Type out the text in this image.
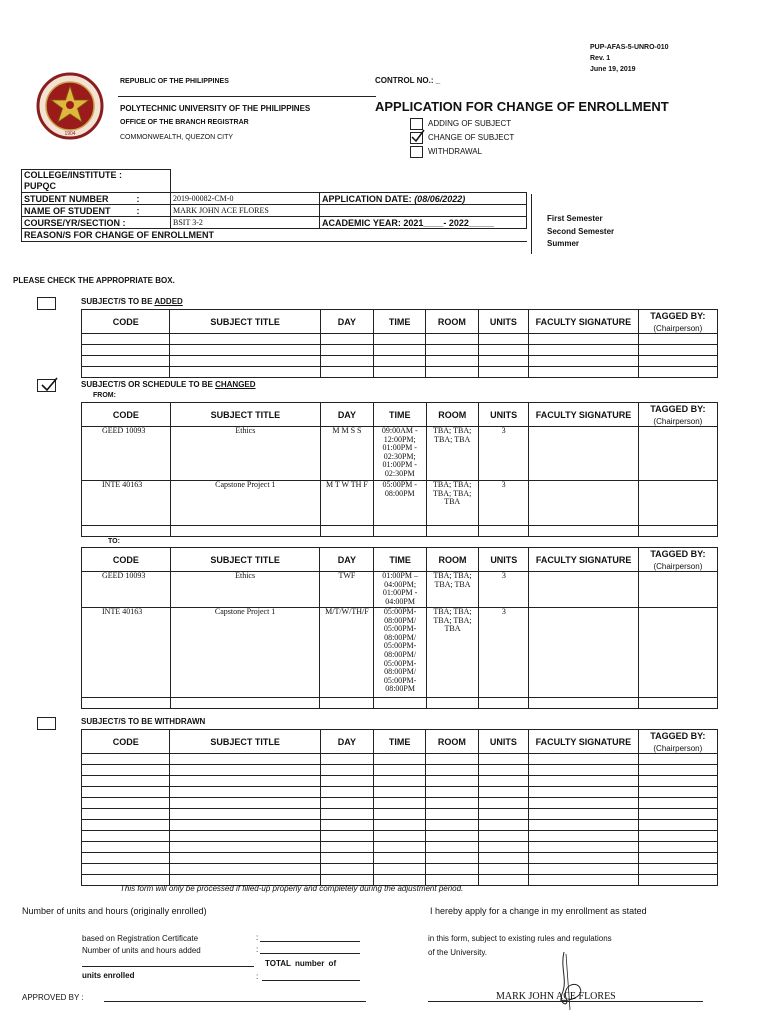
PUP-AFAS-5-UNRO-010
Rev. 1
June 19, 2019
1904
REPUBLIC OF THE PHILIPPINES	CONTROL NO.: _
POLYTECHNIC UNIVERSITY OF THE PHILIPPINES
OFFICE OF THE BRANCH REGISTRAR
COMMONWEALTH, QUEZON CITY
APPLICATION FOR CHANGE OF ENROLLMENT
ADDING OF SUBJECT
CHANGE OF SUBJECT
WITHDRAWAL
COLLEGE/INSTITUTE :
PUPQC		

STUDENT NUMBER :	2019-00082-CM-0	APPLICATION DATE: (08/06/2022)
NAME OF STUDENT :	MARK JOHN ACE FLORES	
COURSE/YR/SECTION :	BSIT 3-2	ACADEMIC YEAR: 2021____- 2022_____
REASON/S FOR CHANGE OF ENROLLMENT		
First Semester
Second Semester
Summer
PLEASE CHECK THE APPROPRIATE BOX.
SUBJECT/S TO BE ADDED
CODE	SUBJECT TITLE	DAY	TIME	ROOM	UNITS	FACULTY SIGNATURE	TAGGED BY:
(Chairperson)

SUBJECT/S OR SCHEDULE TO BE CHANGED
FROM:
CODE	SUBJECT TITLE	DAY	TIME	ROOM	UNITS	FACULTY SIGNATURE	TAGGED BY:
(Chairperson)

GEED 10093	Ethics	M M S S	09:00AM - 12:00PM; 01:00PM - 02:30PM; 01:00PM - 02:30PM	TBA; TBA; TBA; TBA	3		
INTE 40163	Capstone Project 1	M T W TH F	05:00PM - 08:00PM	TBA; TBA; TBA; TBA; TBA	3		

TO:
CODE	SUBJECT TITLE	DAY	TIME	ROOM	UNITS	FACULTY SIGNATURE	TAGGED BY:
(Chairperson)

GEED 10093	Ethics	TWF	01:00PM – 04:00PM; 01:00PM - 04:00PM	TBA; TBA; TBA; TBA	3		
INTE 40163	Capstone Project 1	M/T/W/TH/F	05:00PM- 08:00PM/ 05:00PM- 08:00PM/ 05:00PM- 08:00PM/ 05:00PM- 08:00PM/ 05:00PM- 08:00PM	TBA; TBA; TBA; TBA; TBA	3		

SUBJECT/S TO BE WITHDRAWN
CODE	SUBJECT TITLE	DAY	TIME	ROOM	UNITS	FACULTY SIGNATURE	TAGGED BY:
(Chairperson)

This form will only be processed if filled-up properly and completely during the adjustment period.
Number of units and hours (originally enrolled)
based on Registration Certificate	:
Number of units and hours added	:
TOTAL number of
units enrolled	:
I hereby apply for a change in my enrollment as stated
in this form, subject to existing rules and regulations
of the University.
APPROVED BY :	MARK JOHN ACE FLORES
